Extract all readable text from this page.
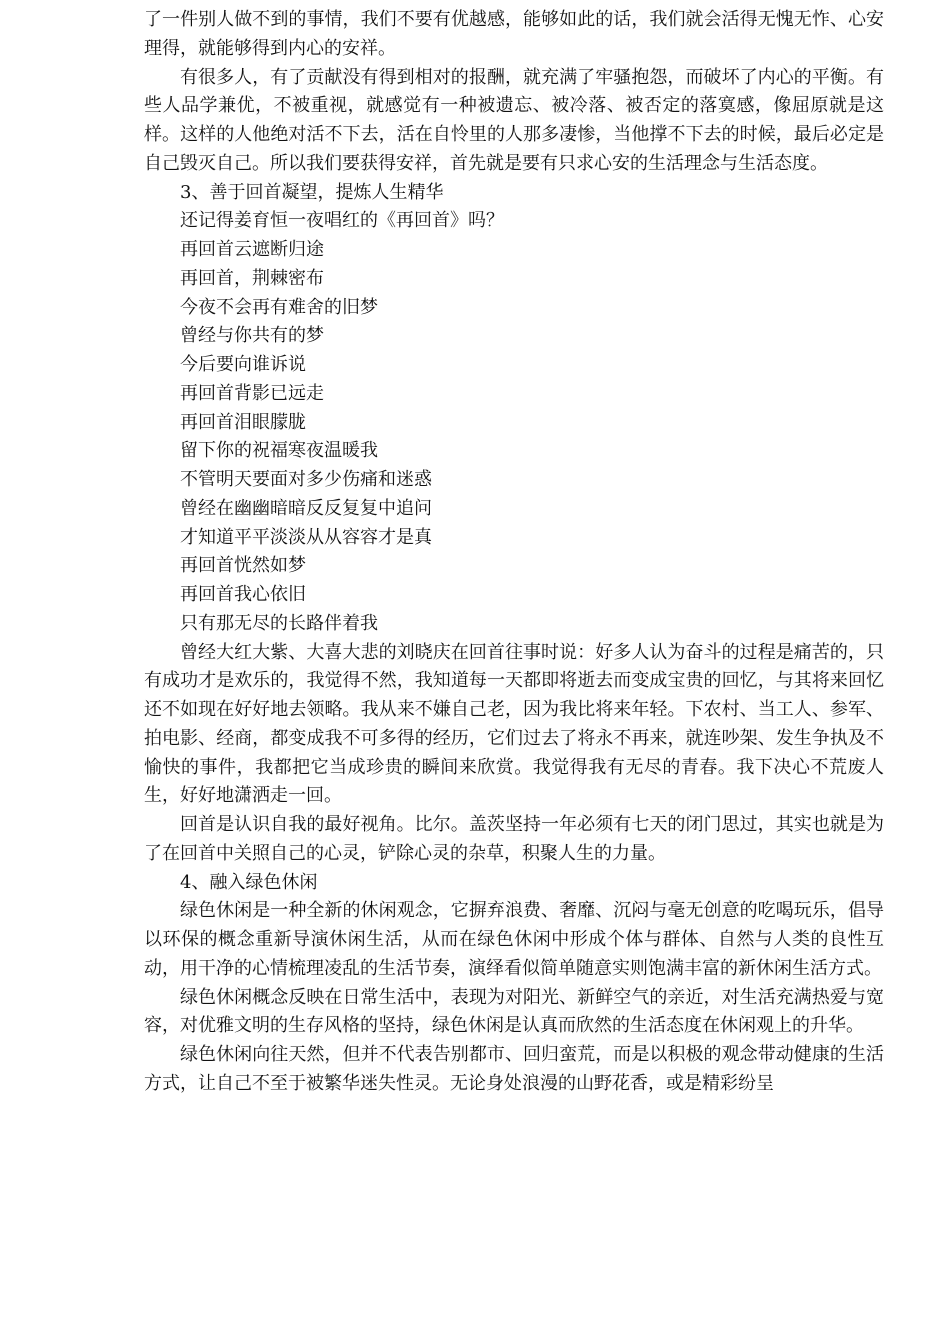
了一件别人做不到的事情，我们不要有优越感，能够如此的话，我们就会活得无愧无怍、心安理得，就能够得到内心的安祥。

有很多人，有了贡献没有得到相对的报酬，就充满了牢骚抱怨，而破坏了内心的平衡。有些人品学兼优，不被重视，就感觉有一种被遗忘、被冷落、被否定的落寞感，像屈原就是这样。这样的人他绝对活不下去，活在自怜里的人那多凄惨，当他撑不下去的时候，最后必定是自己毁灭自己。所以我们要获得安祥，首先就是要有只求心安的生活理念与生活态度。

3、善于回首凝望，提炼人生精华

还记得姜育恒一夜唱红的《再回首》吗？

再回首云遮断归途

再回首，荆棘密布

今夜不会再有难舍的旧梦

曾经与你共有的梦

今后要向谁诉说

再回首背影已远走

再回首泪眼朦胧

留下你的祝福寒夜温暖我

不管明天要面对多少伤痛和迷惑

曾经在幽幽暗暗反反复复中追问

才知道平平淡淡从从容容才是真

再回首恍然如梦

再回首我心依旧

只有那无尽的长路伴着我

曾经大红大紫、大喜大悲的刘晓庆在回首往事时说：好多人认为奋斗的过程是痛苦的，只有成功才是欢乐的，我觉得不然，我知道每一天都即将逝去而变成宝贵的回忆，与其将来回忆还不如现在好好地去领略。我从来不嫌自己老，因为我比将来年轻。下农村、当工人、参军、拍电影、经商，都变成我不可多得的经历，它们过去了将永不再来，就连吵架、发生争执及不愉快的事件，我都把它当成珍贵的瞬间来欣赏。我觉得我有无尽的青春。我下决心不荒废人生，好好地潇洒走一回。

回首是认识自我的最好视角。比尔。盖茨坚持一年必须有七天的闭门思过，其实也就是为了在回首中关照自己的心灵，铲除心灵的杂草，积聚人生的力量。

4、融入绿色休闲

绿色休闲是一种全新的休闲观念，它摒弃浪费、奢靡、沉闷与毫无创意的吃喝玩乐，倡导以环保的概念重新导演休闲生活，从而在绿色休闲中形成个体与群体、自然与人类的良性互动，用干净的心情梳理凌乱的生活节奏，演绎看似简单随意实则饱满丰富的新休闲生活方式。

绿色休闲概念反映在日常生活中，表现为对阳光、新鲜空气的亲近，对生活充满热爱与宽容，对优雅文明的生存风格的坚持，绿色休闲是认真而欣然的生活态度在休闲观上的升华。

绿色休闲向往天然，但并不代表告别都市、回归蛮荒，而是以积极的观念带动健康的生活方式，让自己不至于被繁华迷失性灵。无论身处浪漫的山野花香，或是精彩纷呈
